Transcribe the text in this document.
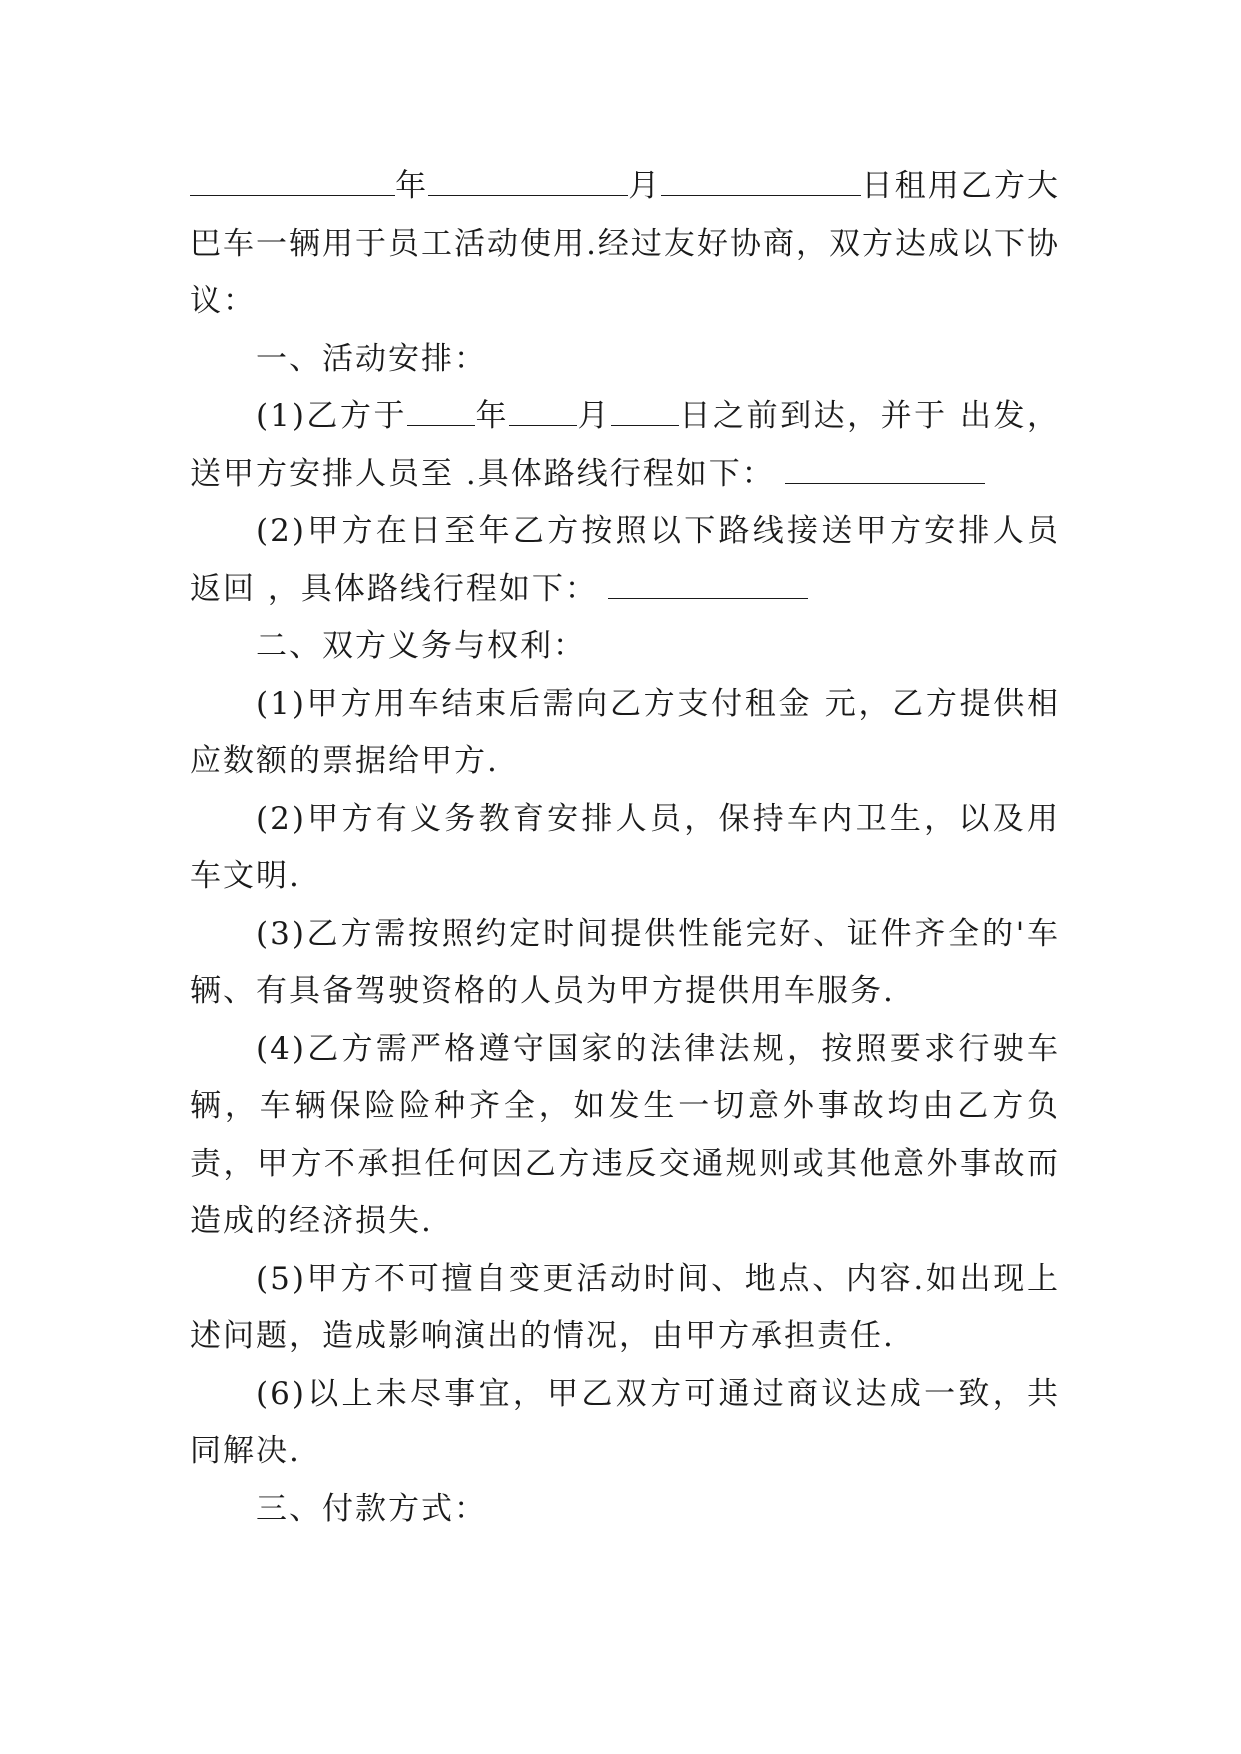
年	月	日租用乙方大巴车一辆用于员工活动使用.经过友好协商，双方达成以下协议：

一、活动安排：

(1)乙方于 年 月 日之前到达，并于 出发，送甲方安排人员至 .具体路线行程如下：

(2)甲方在日至年乙方按照以下路线接送甲方安排人员返回 ，具体路线行程如下：

二、双方义务与权利：

(1)甲方用车结束后需向乙方支付租金 元，乙方提供相应数额的票据给甲方.

(2)甲方有义务教育安排人员，保持车内卫生，以及用车文明.

(3)乙方需按照约定时间提供性能完好、证件齐全的'车辆、有具备驾驶资格的人员为甲方提供用车服务.

(4)乙方需严格遵守国家的法律法规，按照要求行驶车辆，车辆保险险种齐全，如发生一切意外事故均由乙方负责，甲方不承担任何因乙方违反交通规则或其他意外事故而造成的经济损失.

(5)甲方不可擅自变更活动时间、地点、内容.如出现上述问题，造成影响演出的情况，由甲方承担责任.

(6)以上未尽事宜，甲乙双方可通过商议达成一致，共同解决.

三、付款方式：
